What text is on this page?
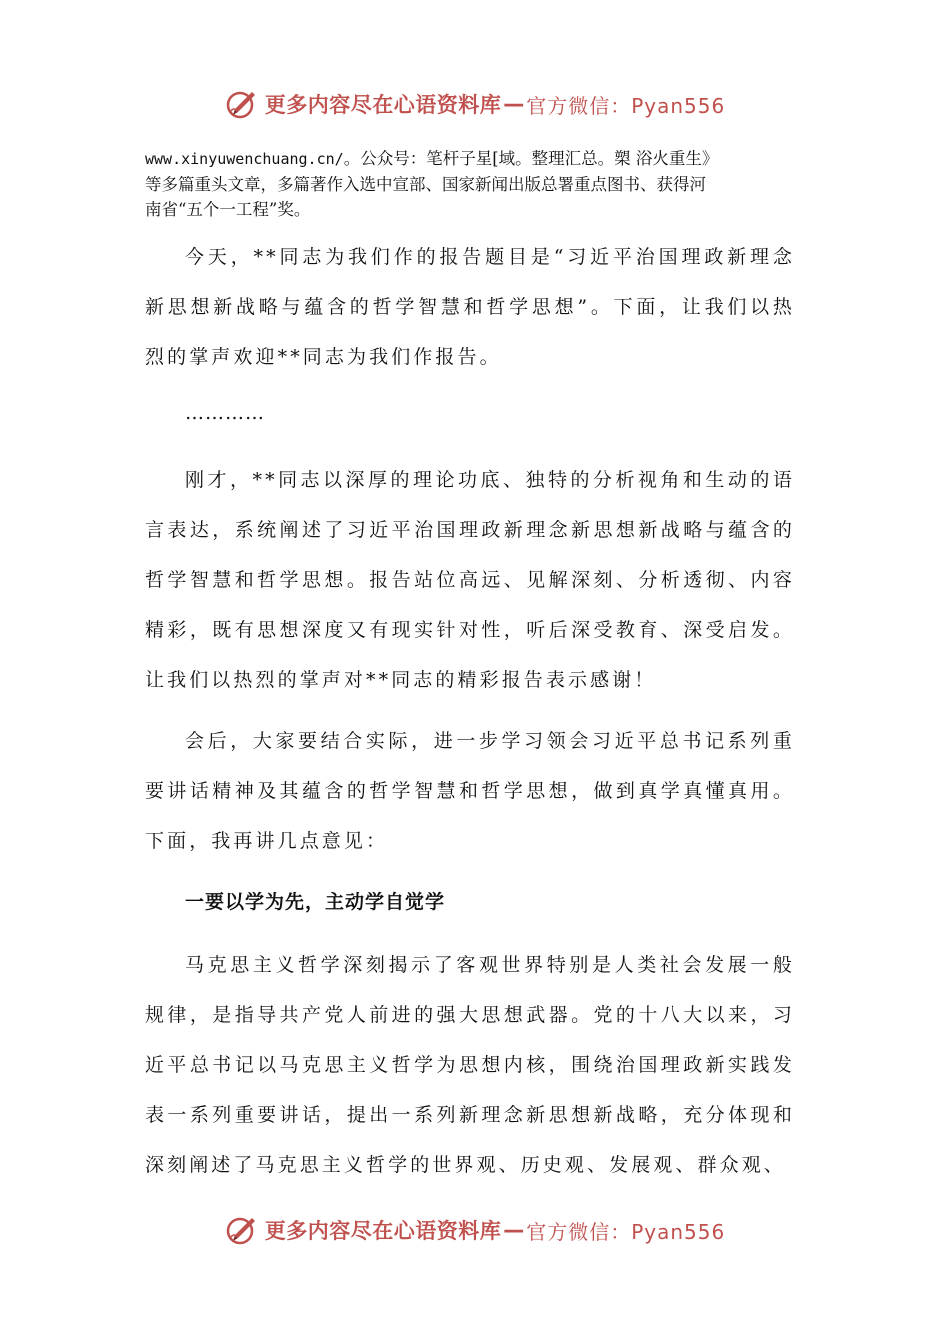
更多内容尽在心语资料库 — 官方微信：Pyan556
www.xinyuwenchuang.cn/。公众号：笔杆子星[域。整理汇总。槊 浴火重生》
等多篇重头文章，多篇著作入选中宣部、国家新闻出版总署重点图书、获得河
南省“五个一工程”奖。
今天，**同志为我们作的报告题目是“习近平治国理政新理念新思想新战略与蕴含的哲学智慧和哲学思想”。下面，让我们以热烈的掌声欢迎**同志为我们作报告。
…………
刚才，**同志以深厚的理论功底、独特的分析视角和生动的语言表达，系统阐述了习近平治国理政新理念新思想新战略与蕴含的哲学智慧和哲学思想。报告站位高远、见解深刻、分析透彻、内容精彩，既有思想深度又有现实针对性，听后深受教育、深受启发。让我们以热烈的掌声对**同志的精彩报告表示感谢！
会后，大家要结合实际，进一步学习领会习近平总书记系列重要讲话精神及其蕴含的哲学智慧和哲学思想，做到真学真懂真用。下面，我再讲几点意见：
一要以学为先，主动学自觉学
马克思主义哲学深刻揭示了客观世界特别是人类社会发展一般规律，是指导共产党人前进的强大思想武器。党的十八大以来，习近平总书记以马克思主义哲学为思想内核，围绕治国理政新实践发表一系列重要讲话，提出一系列新理念新思想新战略，充分体现和深刻阐述了马克思主义哲学的世界观、历史观、发展观、群众观、
更多内容尽在心语资料库 — 官方微信：Pyan556
